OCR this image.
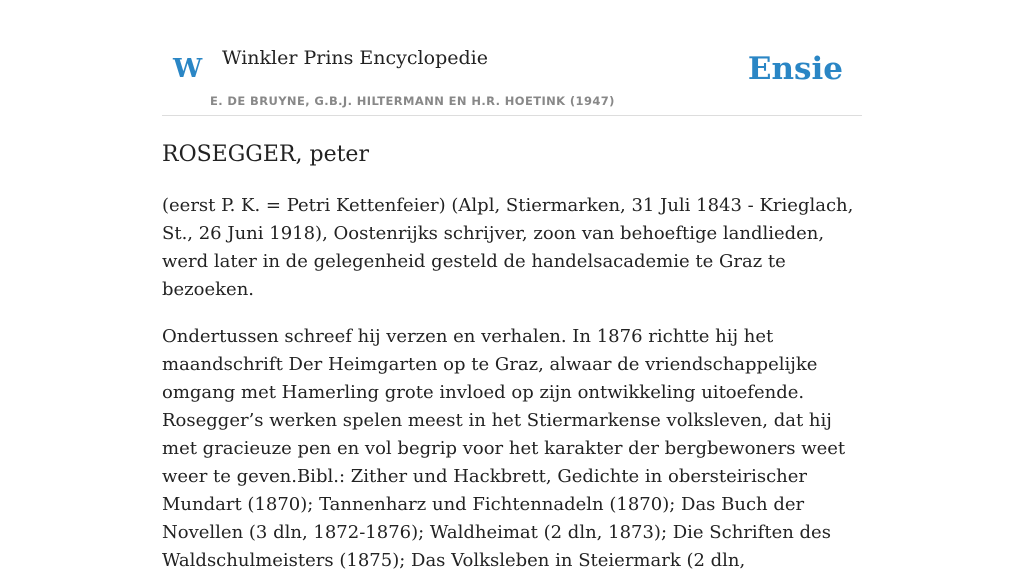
W Winkler Prins Encyclopedie
E. DE BRUYNE, G.B.J. HILTERMANN EN H.R. HOETINK (1947)
Ensie
ROSEGGER, peter

(eerst P. K. = Petri Kettenfeier) (Alpl, Stiermarken, 31 Juli 1843 - Krieglach, St., 26 Juni 1918), Oostenrijks schrijver, zoon van behoeftige landlieden, werd later in de gelegenheid gesteld de handelsacademie te Graz te bezoeken.

Ondertussen schreef hij verzen en verhalen. In 1876 richtte hij het maandschrift Der Heimgarten op te Graz, alwaar de vriendschappelijke omgang met Hamerling grote invloed op zijn ontwikkeling uitoefende. Rosegger’s werken spelen meest in het Stiermarkense volksleven, dat hij met gracieuze pen en vol begrip voor het karakter der bergbewoners weet weer te geven.Bibl.: Zither und Hackbrett, Gedichte in obersteirischer Mundart (1870); Tannenharz und Fichtennadeln (1870); Das Buch der Novellen (3 dln, 1872-1876); Waldheimat (2 dln, 1873); Die Schriften des Waldschulmeisters (1875); Das Volksleben in Steiermark (2 dln,
